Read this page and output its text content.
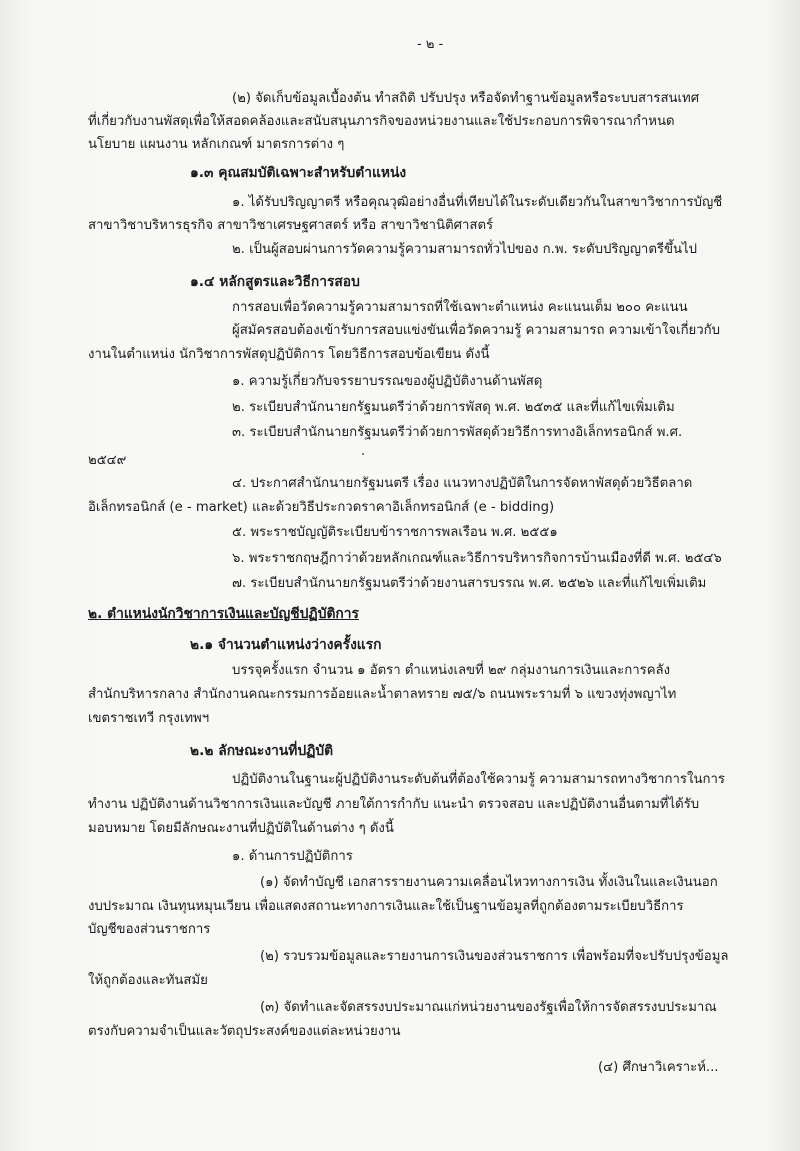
- ๒ -
(๒) จัดเก็บข้อมูลเบื้องต้น ทำสถิติ ปรับปรุง หรือจัดทำฐานข้อมูลหรือระบบสารสนเทศ
ที่เกี่ยวกับงานพัสดุเพื่อให้สอดคล้องและสนับสนุนภารกิจของหน่วยงานและใช้ประกอบการพิจารณากำหนด
นโยบาย แผนงาน หลักเกณฑ์ มาตรการต่าง ๆ
๑.๓ คุณสมบัติเฉพาะสำหรับตำแหน่ง
๑. ได้รับปริญญาตรี หรือคุณวุฒิอย่างอื่นที่เทียบได้ในระดับเดียวกันในสาขาวิชาการบัญชี
สาขาวิชาบริหารธุรกิจ สาขาวิชาเศรษฐศาสตร์ หรือ สาขาวิชานิติศาสตร์
๒. เป็นผู้สอบผ่านการวัดความรู้ความสามารถทั่วไปของ ก.พ. ระดับปริญญาตรีขึ้นไป
๑.๔ หลักสูตรและวิธีการสอบ
การสอบเพื่อวัดความรู้ความสามารถที่ใช้เฉพาะตำแหน่ง คะแนนเต็ม ๒๐๐ คะแนน
ผู้สมัครสอบต้องเข้ารับการสอบแข่งขันเพื่อวัดความรู้ ความสามารถ ความเข้าใจเกี่ยวกับ
งานในตำแหน่ง นักวิชาการพัสดุปฏิบัติการ โดยวิธีการสอบข้อเขียน ดังนี้
๑. ความรู้เกี่ยวกับจรรยาบรรณของผู้ปฏิบัติงานด้านพัสดุ
๒. ระเบียบสำนักนายกรัฐมนตรีว่าด้วยการพัสดุ พ.ศ. ๒๕๓๕ และที่แก้ไขเพิ่มเติม
๓. ระเบียบสำนักนายกรัฐมนตรีว่าด้วยการพัสดุด้วยวิธีการทางอิเล็กทรอนิกส์ พ.ศ.
๒๕๔๙
๔. ประกาศสำนักนายกรัฐมนตรี เรื่อง แนวทางปฏิบัติในการจัดหาพัสดุด้วยวิธีตลาด
อิเล็กทรอนิกส์ (e - market) และด้วยวิธีประกวดราคาอิเล็กทรอนิกส์ (e - bidding)
๕. พระราชบัญญัติระเบียบข้าราชการพลเรือน พ.ศ. ๒๕๕๑
๖. พระราชกฤษฎีกาว่าด้วยหลักเกณฑ์และวิธีการบริหารกิจการบ้านเมืองที่ดี พ.ศ. ๒๕๔๖
๗. ระเบียบสำนักนายกรัฐมนตรีว่าด้วยงานสารบรรณ พ.ศ. ๒๕๒๖ และที่แก้ไขเพิ่มเติม
๒. ตำแหน่งนักวิชาการเงินและบัญชีปฏิบัติการ
๒.๑ จำนวนตำแหน่งว่างครั้งแรก
บรรจุครั้งแรก จำนวน ๑ อัตรา ตำแหน่งเลขที่ ๒๙ กลุ่มงานการเงินและการคลัง
สำนักบริหารกลาง สำนักงานคณะกรรมการอ้อยและน้ำตาลทราย ๗๕/๖ ถนนพระรามที่ ๖ แขวงทุ่งพญาไท
เขตราชเทวี กรุงเทพฯ
๒.๒ ลักษณะงานที่ปฏิบัติ
ปฏิบัติงานในฐานะผู้ปฏิบัติงานระดับต้นที่ต้องใช้ความรู้ ความสามารถทางวิชาการในการ
ทำงาน ปฏิบัติงานด้านวิชาการเงินและบัญชี ภายใต้การกำกับ แนะนำ ตรวจสอบ และปฏิบัติงานอื่นตามที่ได้รับ
มอบหมาย โดยมีลักษณะงานที่ปฏิบัติในด้านต่าง ๆ ดังนี้
๑. ด้านการปฏิบัติการ
(๑) จัดทำบัญชี เอกสารรายงานความเคลื่อนไหวทางการเงิน ทั้งเงินในและเงินนอก
งบประมาณ เงินทุนหมุนเวียน เพื่อแสดงสถานะทางการเงินและใช้เป็นฐานข้อมูลที่ถูกต้องตามระเบียบวิธีการ
บัญชีของส่วนราชการ
(๒) รวบรวมข้อมูลและรายงานการเงินของส่วนราชการ เพื่อพร้อมที่จะปรับปรุงข้อมูล
ให้ถูกต้องและทันสมัย
(๓) จัดทำและจัดสรรงบประมาณแก่หน่วยงานของรัฐเพื่อให้การจัดสรรงบประมาณ
ตรงกับความจำเป็นและวัตถุประสงค์ของแต่ละหน่วยงาน
(๔) ศึกษาวิเคราะห์...
